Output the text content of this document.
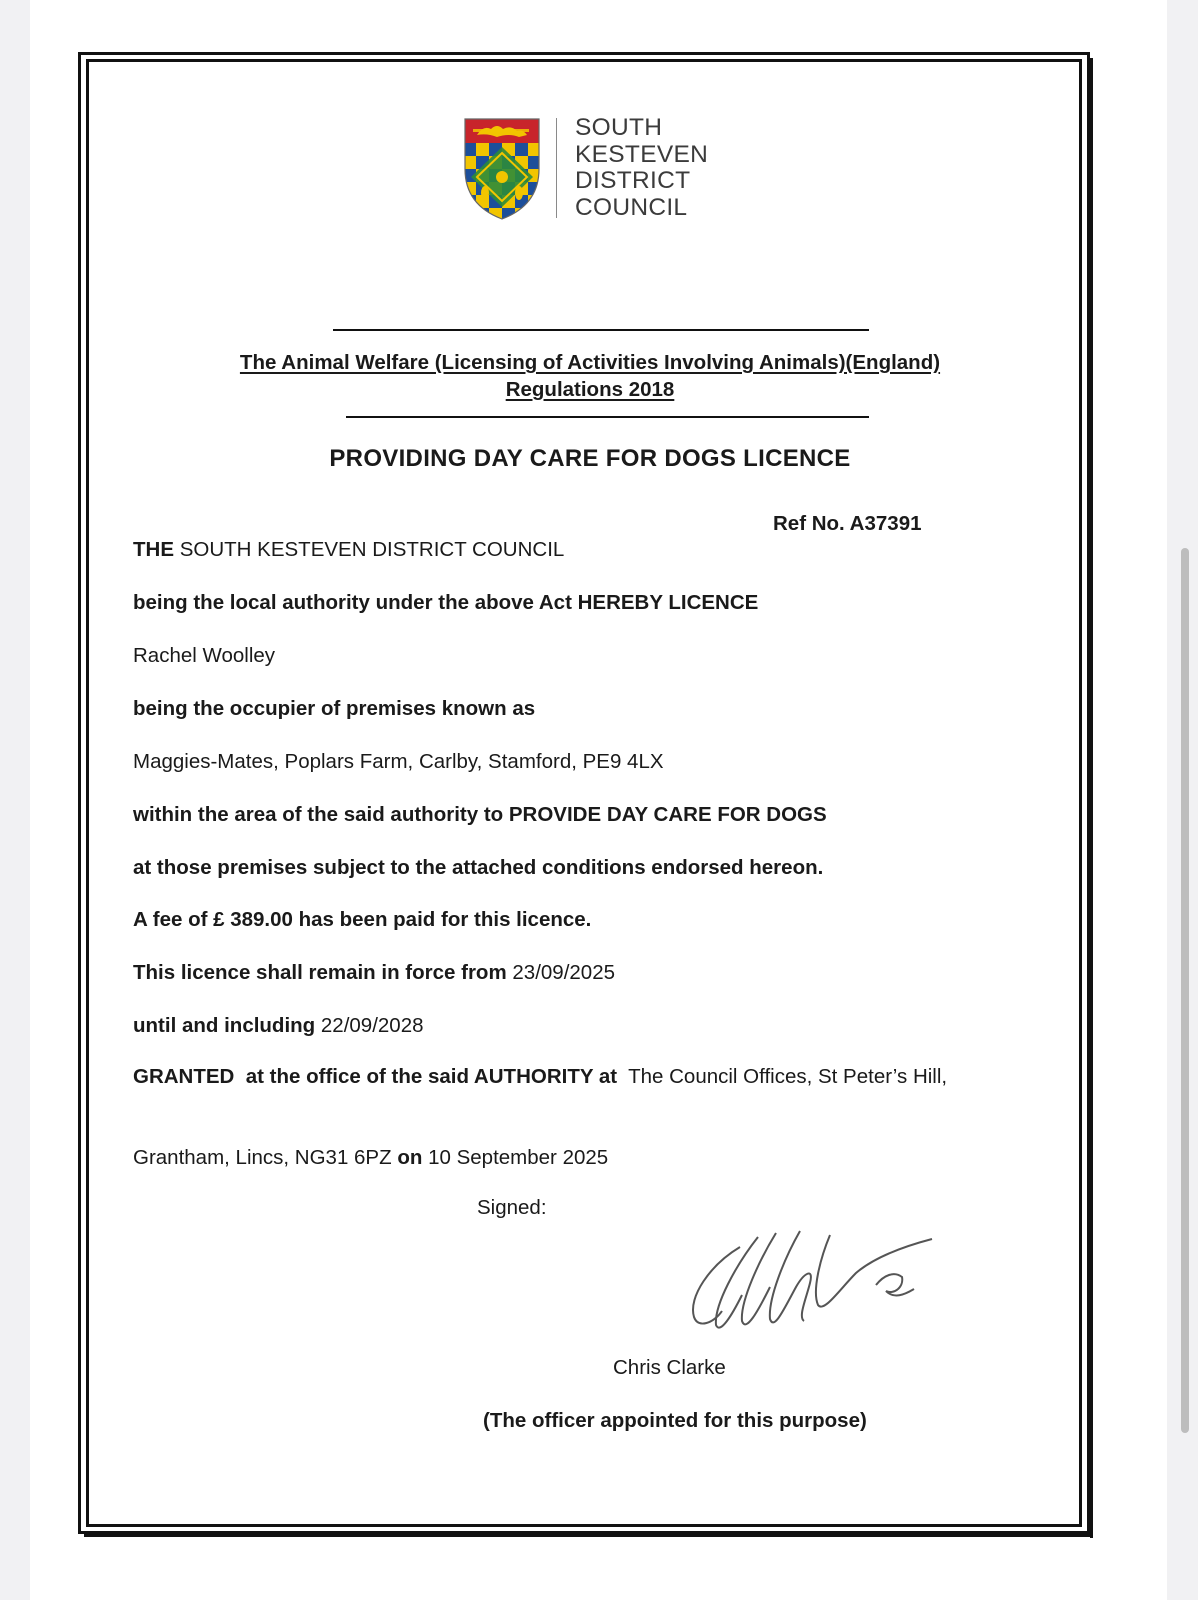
SOUTH
KESTEVEN
DISTRICT
COUNCIL
The Animal Welfare (Licensing of Activities Involving Animals)(England)
Regulations 2018
PROVIDING DAY CARE FOR DOGS LICENCE
Ref No. A37391
THE SOUTH KESTEVEN DISTRICT COUNCIL
being the local authority under the above Act HEREBY LICENCE
Rachel Woolley
being the occupier of premises known as
Maggies-Mates, Poplars Farm, Carlby, Stamford, PE9 4LX
within the area of the said authority to PROVIDE DAY CARE FOR DOGS
at those premises subject to the attached conditions endorsed hereon.
A fee of £ 389.00 has been paid for this licence.
This licence shall remain in force from 23/09/2025
until and including 22/09/2028
GRANTED  at the office of the said AUTHORITY at The Council Offices, St Peter’s Hill,
Grantham, Lincs, NG31 6PZ on 10 September 2025
Signed:
Chris Clarke
(The officer appointed for this purpose)
